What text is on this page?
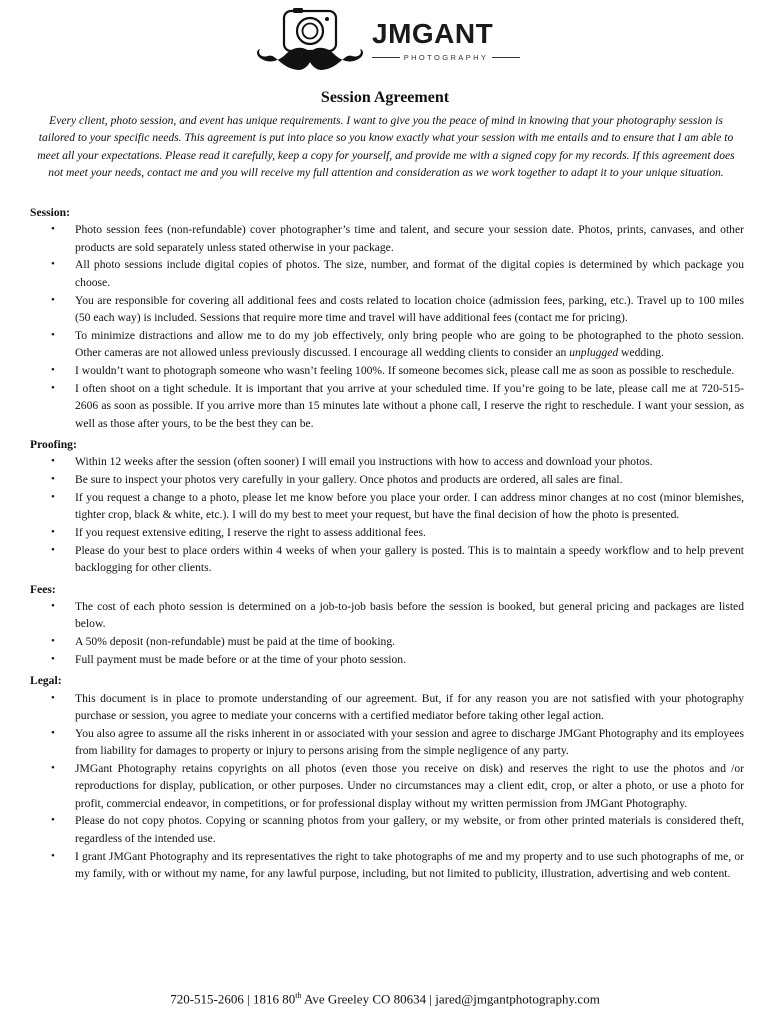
JMGANT
PHOTOGRAPHY
Session Agreement
Every client, photo session, and event has unique requirements. I want to give you the peace of mind in knowing that your photography session is tailored to your specific needs. This agreement is put into place so you know exactly what your session with me entails and to ensure that I am able to meet all your expectations. Please read it carefully, keep a copy for yourself, and provide me with a signed copy for my records. If this agreement does not meet your needs, contact me and you will receive my full attention and consideration as we work together to adapt it to your unique situation.

Session:

• Photo session fees (non-refundable) cover photographer’s time and talent, and secure your session date. Photos, prints, canvases, and other products are sold separately unless stated otherwise in your package.
• All photo sessions include digital copies of photos. The size, number, and format of the digital copies is determined by which package you choose.
• You are responsible for covering all additional fees and costs related to location choice (admission fees, parking, etc.). Travel up to 100 miles (50 each way) is included. Sessions that require more time and travel will have additional fees (contact me for pricing).
• To minimize distractions and allow me to do my job effectively, only bring people who are going to be photographed to the photo session. Other cameras are not allowed unless previously discussed. I encourage all wedding clients to consider an unplugged wedding.
• I wouldn’t want to photograph someone who wasn’t feeling 100%. If someone becomes sick, please call me as soon as possible to reschedule.
• I often shoot on a tight schedule. It is important that you arrive at your scheduled time. If you’re going to be late, please call me at 720-515-2606 as soon as possible. If you arrive more than 15 minutes late without a phone call, I reserve the right to reschedule. I want your session, as well as those after yours, to be the best they can be.

Proofing:

• Within 12 weeks after the session (often sooner) I will email you instructions with how to access and download your photos.
• Be sure to inspect your photos very carefully in your gallery. Once photos and products are ordered, all sales are final.
• If you request a change to a photo, please let me know before you place your order. I can address minor changes at no cost (minor blemishes, tighter crop, black & white, etc.). I will do my best to meet your request, but have the final decision of how the photo is presented.
• If you request extensive editing, I reserve the right to assess additional fees.
• Please do your best to place orders within 4 weeks of when your gallery is posted. This is to maintain a speedy workflow and to help prevent backlogging for other clients.

Fees:

• The cost of each photo session is determined on a job-to-job basis before the session is booked, but general pricing and packages are listed below.
• A 50% deposit (non-refundable) must be paid at the time of booking.
• Full payment must be made before or at the time of your photo session.

Legal:

• This document is in place to promote understanding of our agreement. But, if for any reason you are not satisfied with your photography purchase or session, you agree to mediate your concerns with a certified mediator before taking other legal action.
• You also agree to assume all the risks inherent in or associated with your session and agree to discharge JMGant Photography and its employees from liability for damages to property or injury to persons arising from the simple negligence of any party.
• JMGant Photography retains copyrights on all photos (even those you receive on disk) and reserves the right to use the photos and /or reproductions for display, publication, or other purposes. Under no circumstances may a client edit, crop, or alter a photo, or use a photo for profit, commercial endeavor, in competitions, or for professional display without my written permission from JMGant Photography.
• Please do not copy photos. Copying or scanning photos from your gallery, or my website, or from other printed materials is considered theft, regardless of the intended use.
• I grant JMGant Photography and its representatives the right to take photographs of me and my property and to use such photographs of me, or my family, with or without my name, for any lawful purpose, including, but not limited to publicity, illustration, advertising and web content.
720-515-2606 | 1816 80th Ave Greeley CO 80634 | jared@jmgantphotography.com
